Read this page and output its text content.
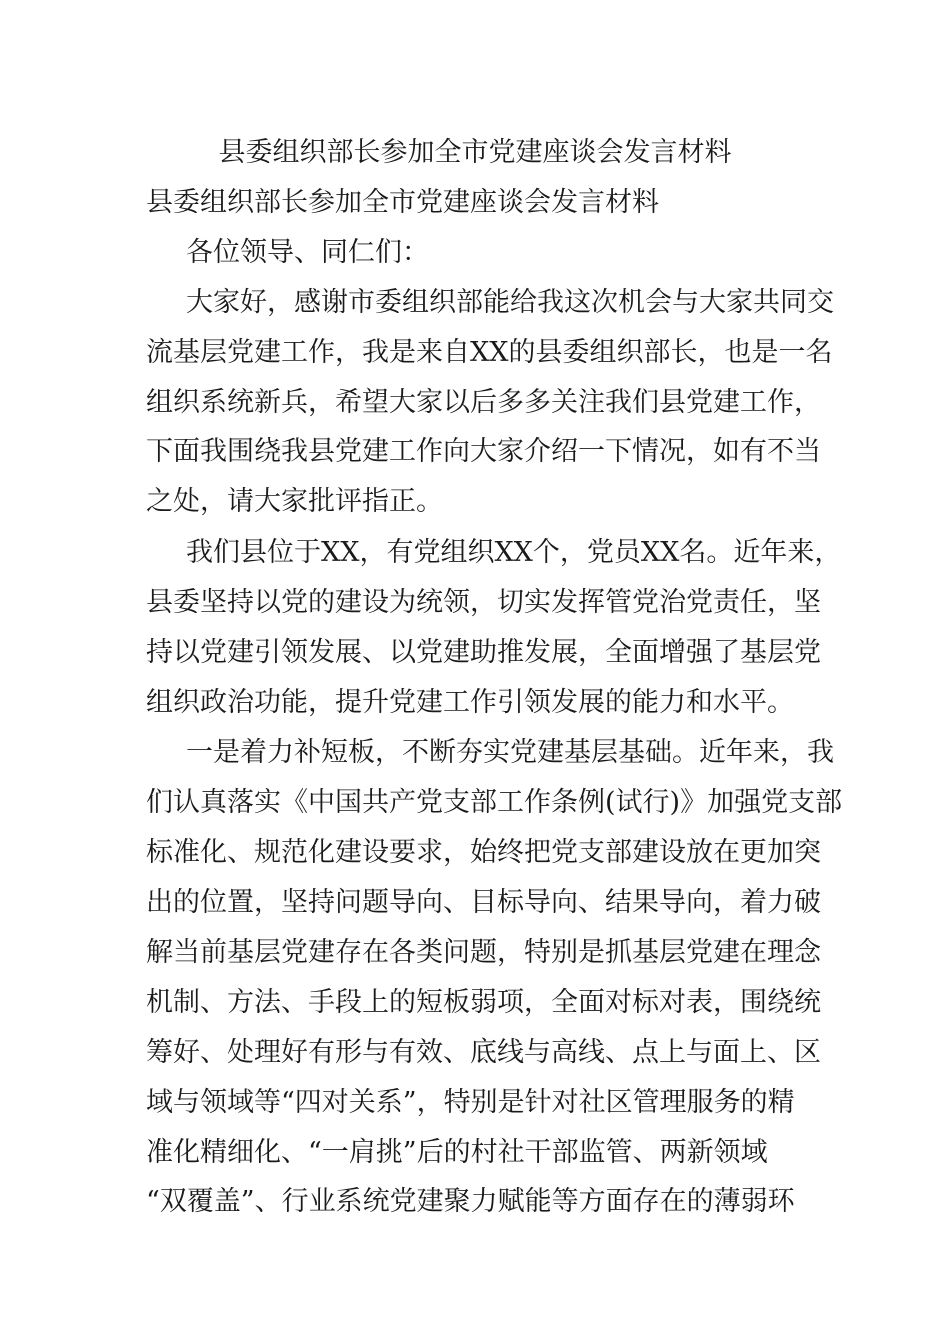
县委组织部长参加全市党建座谈会发言材料

县委组织部长参加全市党建座谈会发言材料

各位领导、同仁们：

大家好，感谢市委组织部能给我这次机会与大家共同交

流基层党建工作，我是来自XX的县委组织部长，也是一名

组织系统新兵，希望大家以后多多关注我们县党建工作，

下面我围绕我县党建工作向大家介绍一下情况，如有不当

之处，请大家批评指正。

我们县位于XX，有党组织XX个，党员XX名。近年来，

县委坚持以党的建设为统领，切实发挥管党治党责任，坚

持以党建引领发展、以党建助推发展，全面增强了基层党

组织政治功能，提升党建工作引领发展的能力和水平。

一是着力补短板，不断夯实党建基层基础。近年来，我

们认真落实《中国共产党支部工作条例(试行)》加强党支部

标准化、规范化建设要求，始终把党支部建设放在更加突

出的位置，坚持问题导向、目标导向、结果导向，着力破

解当前基层党建存在各类问题，特别是抓基层党建在理念

机制、方法、手段上的短板弱项，全面对标对表，围绕统

筹好、处理好有形与有效、底线与高线、点上与面上、区

域与领域等“四对关系”，特别是针对社区管理服务的精

准化精细化、“一肩挑”后的村社干部监管、两新领域

“双覆盖”、行业系统党建聚力赋能等方面存在的薄弱环
